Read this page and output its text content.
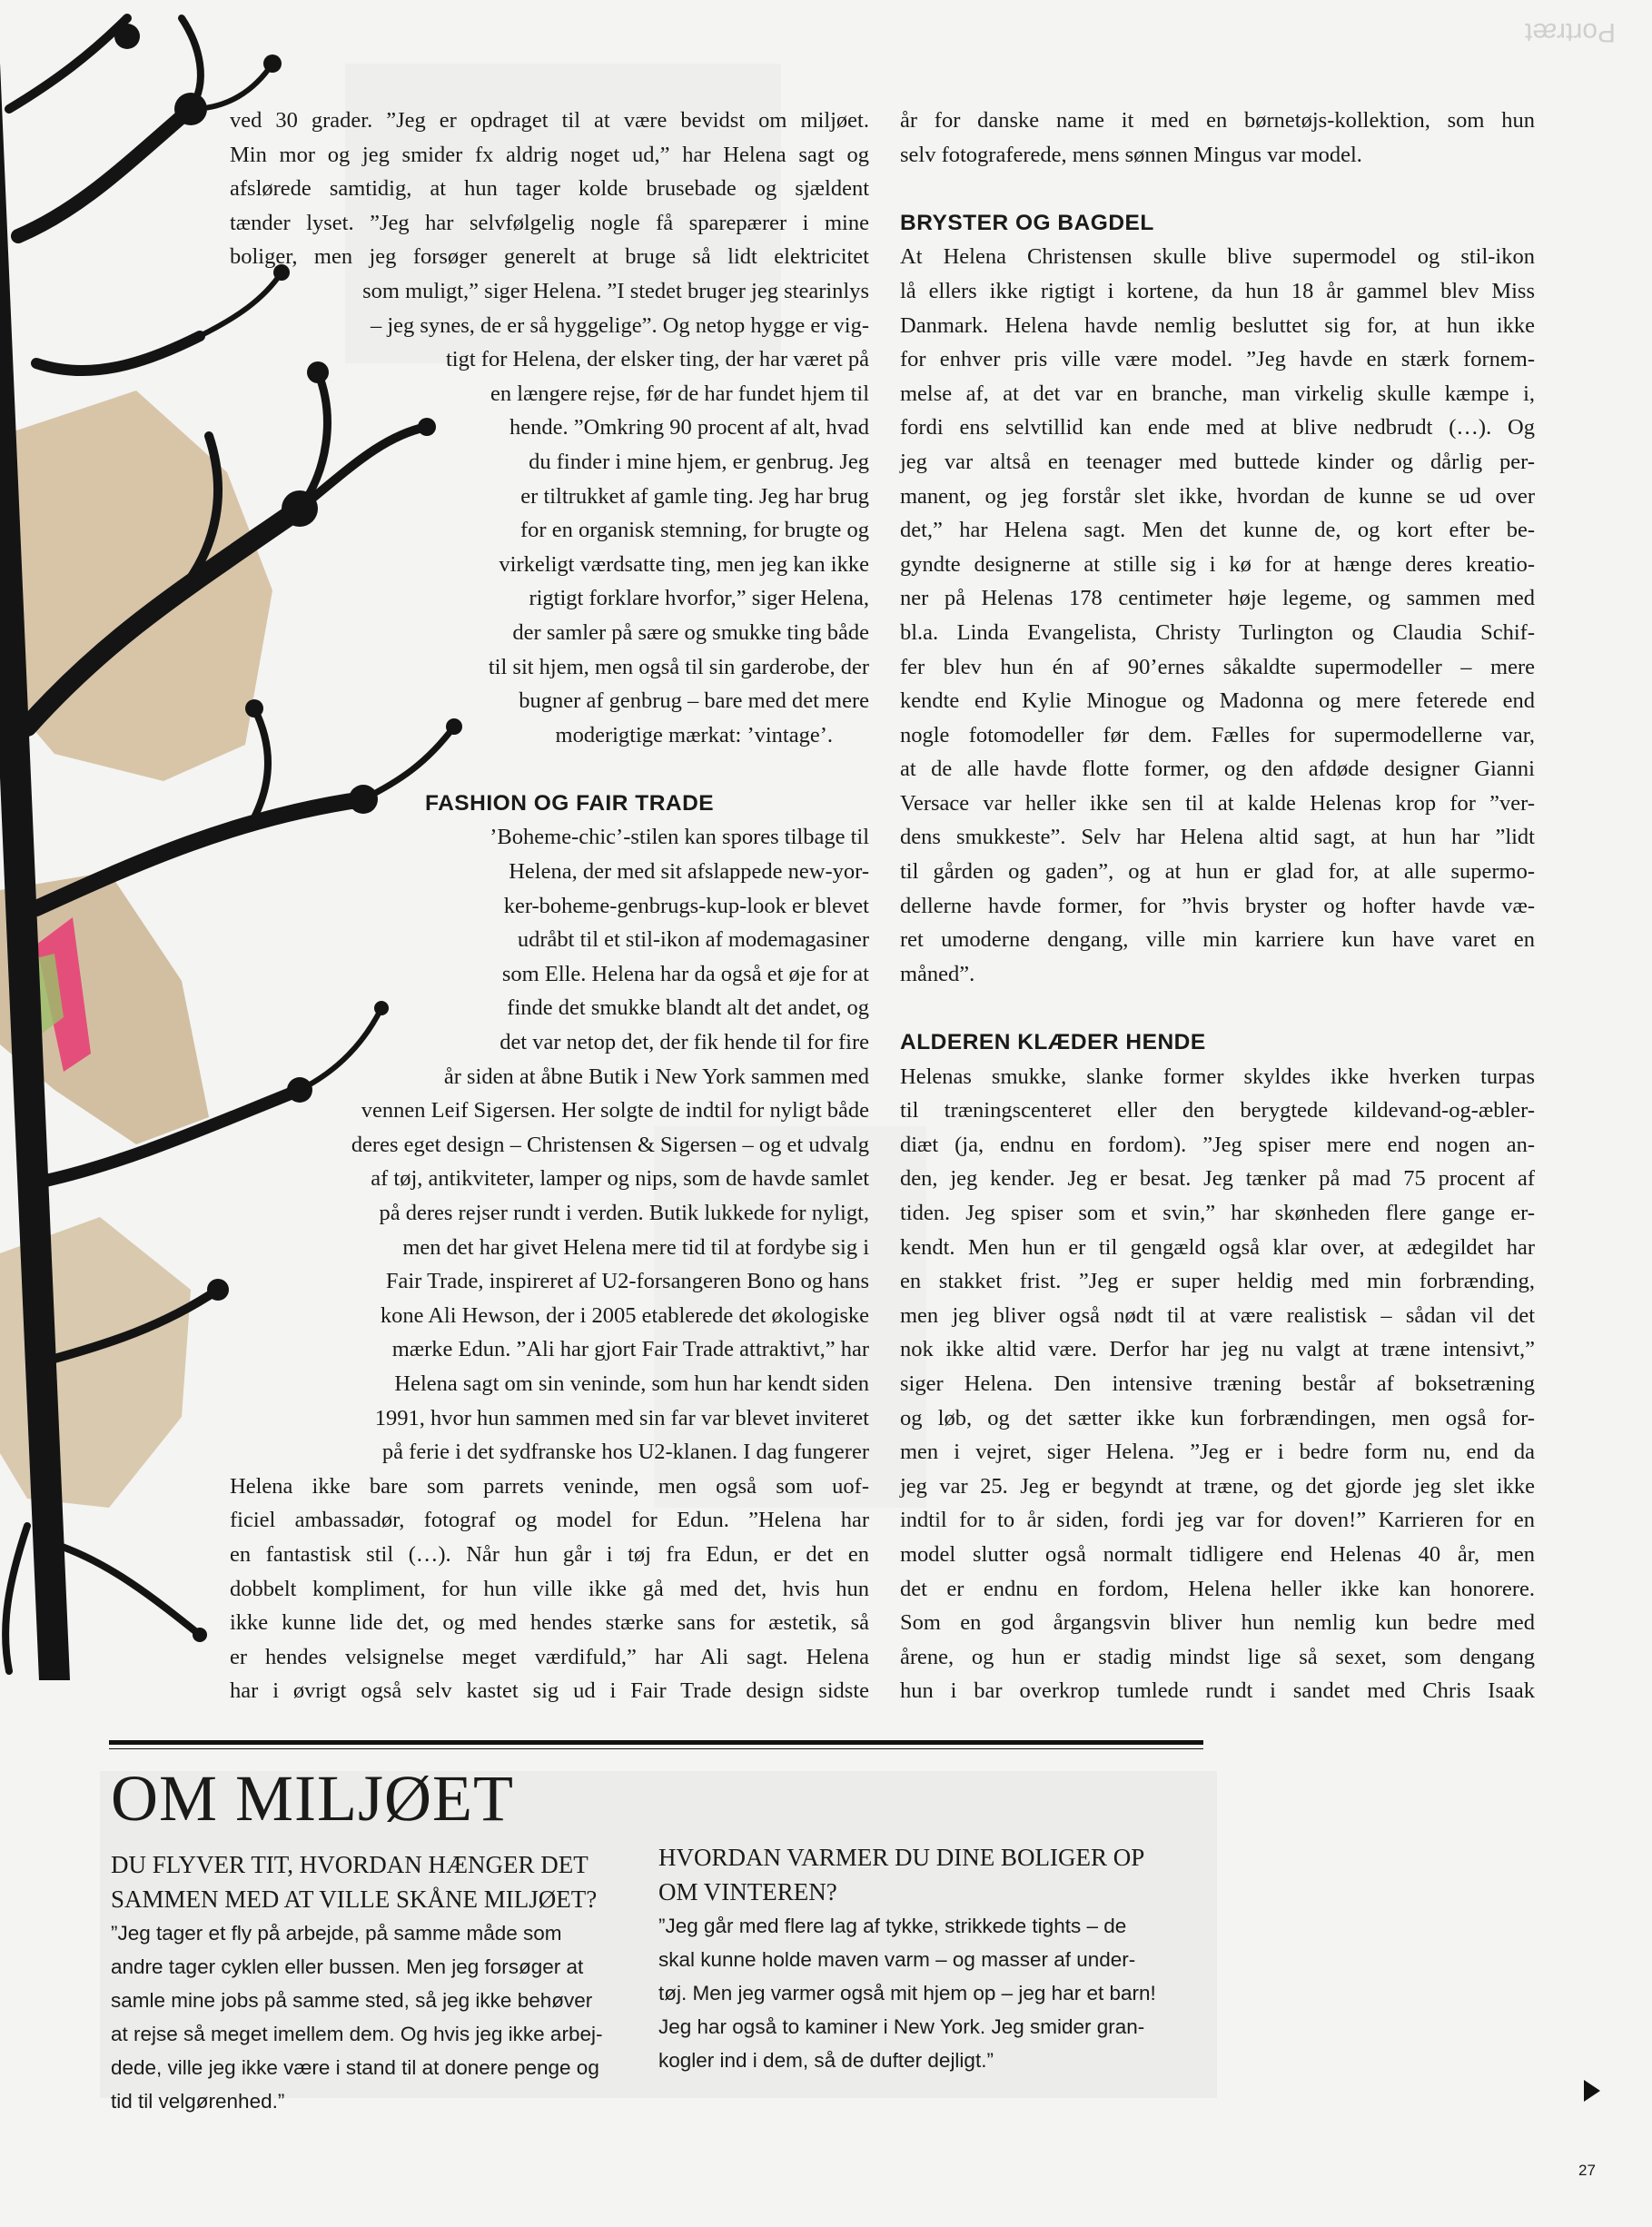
Portræt

ved 30 grader. ”Jeg er opdraget til at være bevidst om miljøet.
Min mor og jeg smider fx aldrig noget ud,” har Helena sagt og
afslørede samtidig, at hun tager kolde brusebade og sjældent
tænder lyset. ”Jeg har selvfølgelig nogle få sparepærer i mine
boliger, men jeg forsøger generelt at bruge så lidt elektricitet
som muligt,” siger Helena. ”I stedet bruger jeg stearinlys
– jeg synes, de er så hyggelige”. Og netop hygge er vig-
tigt for Helena, der elsker ting, der har været på
en længere rejse, før de har fundet hjem til
hende. ”Omkring 90 procent af alt, hvad
du finder i mine hjem, er genbrug. Jeg
er tiltrukket af gamle ting. Jeg har brug
for en organisk stemning, for brugte og
virkeligt værdsatte ting, men jeg kan ikke
rigtigt forklare hvorfor,” siger Helena,
der samler på sære og smukke ting både
til sit hjem, men også til sin garderobe, der
bugner af genbrug – bare med det mere
moderigtige mærkat: ’vintage’.

FASHION OG FAIR TRADE

’Boheme-chic’-stilen kan spores tilbage til
Helena, der med sit afslappede new-yor-
ker-boheme-genbrugs-kup-look er blevet
udråbt til et stil-ikon af modemagasiner
som Elle. Helena har da også et øje for at
finde det smukke blandt alt det andet, og
det var netop det, der fik hende til for fire
år siden at åbne Butik i New York sammen med
vennen Leif Sigersen. Her solgte de indtil for nyligt både
deres eget design – Christensen & Sigersen – og et udvalg
af tøj, antikviteter, lamper og nips, som de havde samlet
på deres rejser rundt i verden. Butik lukkede for nyligt,
men det har givet Helena mere tid til at fordybe sig i
Fair Trade, inspireret af U2-forsangeren Bono og hans
kone Ali Hewson, der i 2005 etablerede det økologiske
mærke Edun. ”Ali har gjort Fair Trade attraktivt,” har
Helena sagt om sin veninde, som hun har kendt siden
1991, hvor hun sammen med sin far var blevet inviteret
på ferie i det sydfranske hos U2-klanen. I dag fungerer
Helena ikke bare som parrets veninde, men også som uof-
ficiel ambassadør, fotograf og model for Edun. ”Helena har
en fantastisk stil (…). Når hun går i tøj fra Edun, er det en
dobbelt kompliment, for hun ville ikke gå med det, hvis hun
ikke kunne lide det, og med hendes stærke sans for æstetik, så
er hendes velsignelse meget værdifuld,” har Ali sagt. Helena
har i øvrigt også selv kastet sig ud i Fair Trade design sidste

år for danske name it med en børnetøjs-kollektion, som hun
selv fotograferede, mens sønnen Mingus var model.

BRYSTER OG BAGDEL

At Helena Christensen skulle blive supermodel og stil-ikon
lå ellers ikke rigtigt i kortene, da hun 18 år gammel blev Miss
Danmark. Helena havde nemlig besluttet sig for, at hun ikke
for enhver pris ville være model. ”Jeg havde en stærk fornem-
melse af, at det var en branche, man virkelig skulle kæmpe i,
fordi ens selvtillid kan ende med at blive nedbrudt (…). Og
jeg var altså en teenager med buttede kinder og dårlig per-
manent, og jeg forstår slet ikke, hvordan de kunne se ud over
det,” har Helena sagt. Men det kunne de, og kort efter be-
gyndte designerne at stille sig i kø for at hænge deres kreatio-
ner på Helenas 178 centimeter høje legeme, og sammen med
bl.a. Linda Evangelista, Christy Turlington og Claudia Schif-
fer blev hun én af 90’ernes såkaldte supermodeller – mere
kendte end Kylie Minogue og Madonna og mere feterede end
nogle fotomodeller før dem. Fælles for supermodellerne var,
at de alle havde flotte former, og den afdøde designer Gianni
Versace var heller ikke sen til at kalde Helenas krop for ”ver-
dens smukkeste”. Selv har Helena altid sagt, at hun har ”lidt
til gården og gaden”, og at hun er glad for, at alle supermo-
dellerne havde former, for ”hvis bryster og hofter havde væ-
ret umoderne dengang, ville min karriere kun have varet en
måned”.

ALDEREN KLÆDER HENDE

Helenas smukke, slanke former skyldes ikke hverken turpas
til træningscenteret eller den berygtede kildevand-og-æbler-
diæt (ja, endnu en fordom). ”Jeg spiser mere end nogen an-
den, jeg kender. Jeg er besat. Jeg tænker på mad 75 procent af
tiden. Jeg spiser som et svin,” har skønheden flere gange er-
kendt. Men hun er til gengæld også klar over, at ædegildet har
en stakket frist. ”Jeg er super heldig med min forbrænding,
men jeg bliver også nødt til at være realistisk – sådan vil det
nok ikke altid være. Derfor har jeg nu valgt at træne intensivt,”
siger Helena. Den intensive træning består af boksetræning
og løb, og det sætter ikke kun forbrændingen, men også for-
men i vejret, siger Helena. ”Jeg er i bedre form nu, end da
jeg var 25. Jeg er begyndt at træne, og det gjorde jeg slet ikke
indtil for to år siden, fordi jeg var for doven!” Karrieren for en
model slutter også normalt tidligere end Helenas 40 år, men
det er endnu en fordom, Helena heller ikke kan honorere.
Som en god årgangsvin bliver hun nemlig kun bedre med
årene, og hun er stadig mindst lige så sexet, som dengang
hun i bar overkrop tumlede rundt i sandet med Chris Isaak

OM MILJØET
DU FLYVER TIT, HVORDAN HÆNGER DET
SAMMEN MED AT VILLE SKÅNE MILJØET?
”Jeg tager et fly på arbejde, på samme måde som
andre tager cyklen eller bussen. Men jeg forsøger at
samle mine jobs på samme sted, så jeg ikke behøver
at rejse så meget imellem dem. Og hvis jeg ikke arbej-
dede, ville jeg ikke være i stand til at donere penge og
tid til velgørenhed.”
HVORDAN VARMER DU DINE BOLIGER OP
OM VINTEREN?
”Jeg går med flere lag af tykke, strikkede tights – de
skal kunne holde maven varm – og masser af under-
tøj. Men jeg varmer også mit hjem op – jeg har et barn!
Jeg har også to kaminer i New York. Jeg smider gran-
kogler ind i dem, så de dufter dejligt.”
27
